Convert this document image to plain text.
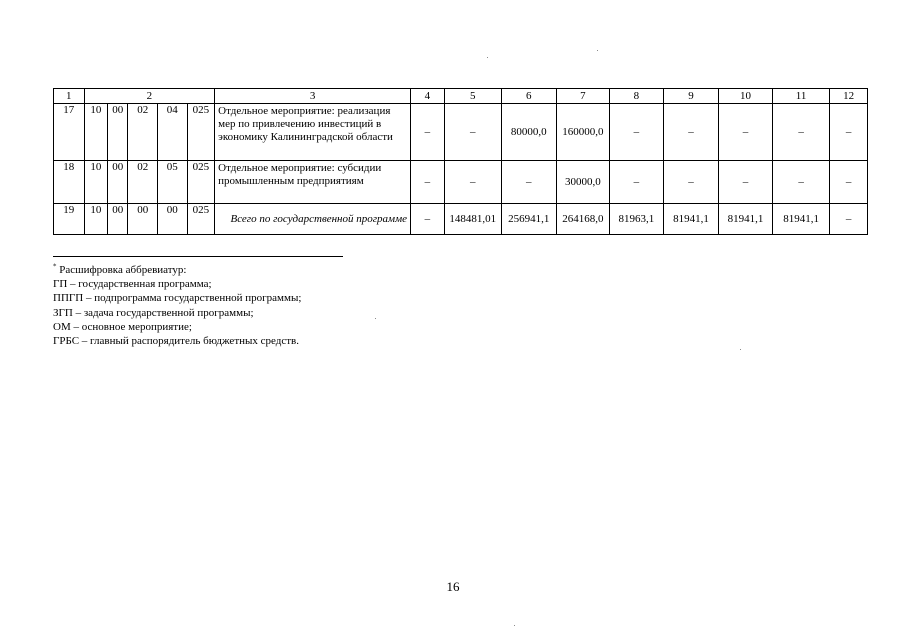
1	2					3	4	5	6	7	8	9	10	11	12
17	10	00	02	04	025	Отдельное мероприятие: реализация мер по привлечению инвестиций в экономику Калининградской области	–	–	80000,0	160000,0	–	–	–	–	–
18	10	00	02	05	025	Отдельное мероприятие: субсидии промышленным предприятиям	–	–	–	30000,0	–	–	–	–	–
19	10	00	00	00	025	Всего по государственной программе	–	148481,01	256941,1	264168,0	81963,1	81941,1	81941,1	81941,1	–
* Расшифровка аббревиатур:
ГП – государственная программа;
ППГП – подпрограмма государственной программы;
ЗГП – задача государственной программы;
ОМ – основное мероприятие;
ГРБС – главный распорядитель бюджетных средств.
16
